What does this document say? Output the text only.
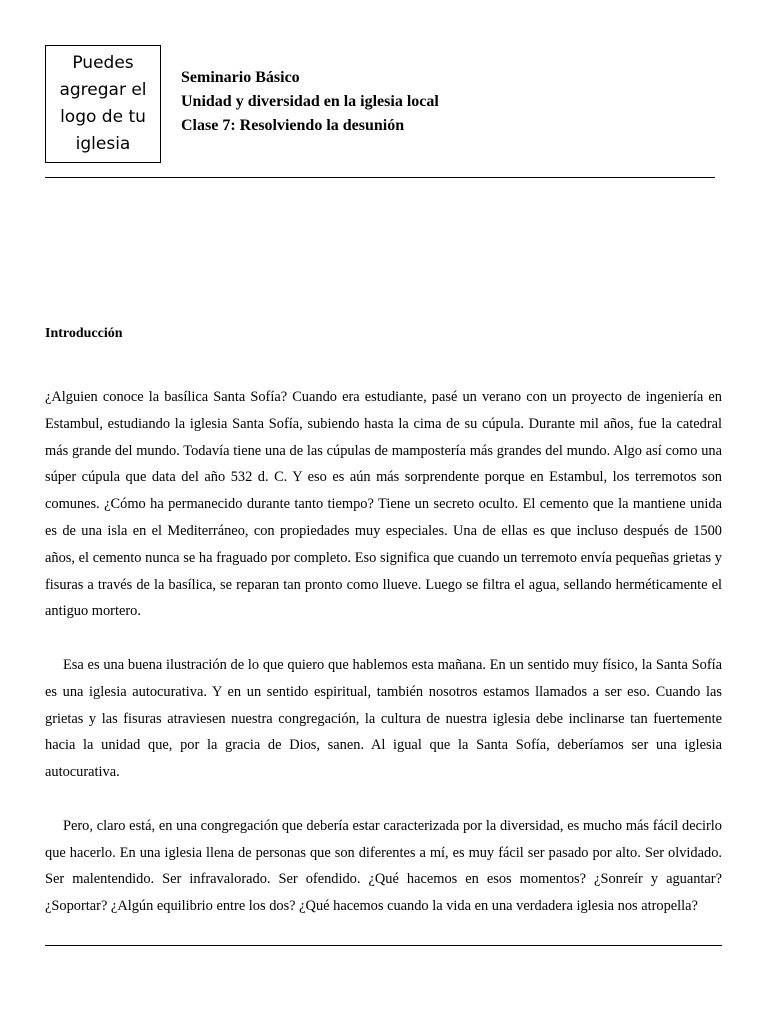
Puedes
agregar el
logo de tu
iglesia
Seminario Básico
Unidad y diversidad en la iglesia local
Clase 7: Resolviendo la desunión
Introducción

¿Alguien conoce la basílica Santa Sofía? Cuando era estudiante, pasé un verano con un proyecto de ingeniería en Estambul, estudiando la iglesia Santa Sofía, subiendo hasta la cima de su cúpula. Durante mil años, fue la catedral más grande del mundo. Todavía tiene una de las cúpulas de mampostería más grandes del mundo. Algo así como una súper cúpula que data del año 532 d. C. Y eso es aún más sorprendente porque en Estambul, los terremotos son comunes. ¿Cómo ha permanecido durante tanto tiempo? Tiene un secreto oculto. El cemento que la mantiene unida es de una isla en el Mediterráneo, con propiedades muy especiales. Una de ellas es que incluso después de 1500 años, el cemento nunca se ha fraguado por completo. Eso significa que cuando un terremoto envía pequeñas grietas y fisuras a través de la basílica, se reparan tan pronto como llueve. Luego se filtra el agua, sellando herméticamente el antiguo mortero.

Esa es una buena ilustración de lo que quiero que hablemos esta mañana. En un sentido muy físico, la Santa Sofía es una iglesia autocurativa. Y en un sentido espiritual, también nosotros estamos llamados a ser eso. Cuando las grietas y las fisuras atraviesen nuestra congregación, la cultura de nuestra iglesia debe inclinarse tan fuertemente hacia la unidad que, por la gracia de Dios, sanen. Al igual que la Santa Sofía, deberíamos ser una iglesia autocurativa.

Pero, claro está, en una congregación que debería estar caracterizada por la diversidad, es mucho más fácil decirlo que hacerlo. En una iglesia llena de personas que son diferentes a mí, es muy fácil ser pasado por alto. Ser olvidado. Ser malentendido. Ser infravalorado. Ser ofendido. ¿Qué hacemos en esos momentos? ¿Sonreír y aguantar? ¿Soportar? ¿Algún equilibrio entre los dos? ¿Qué hacemos cuando la vida en una verdadera iglesia nos atropella?
